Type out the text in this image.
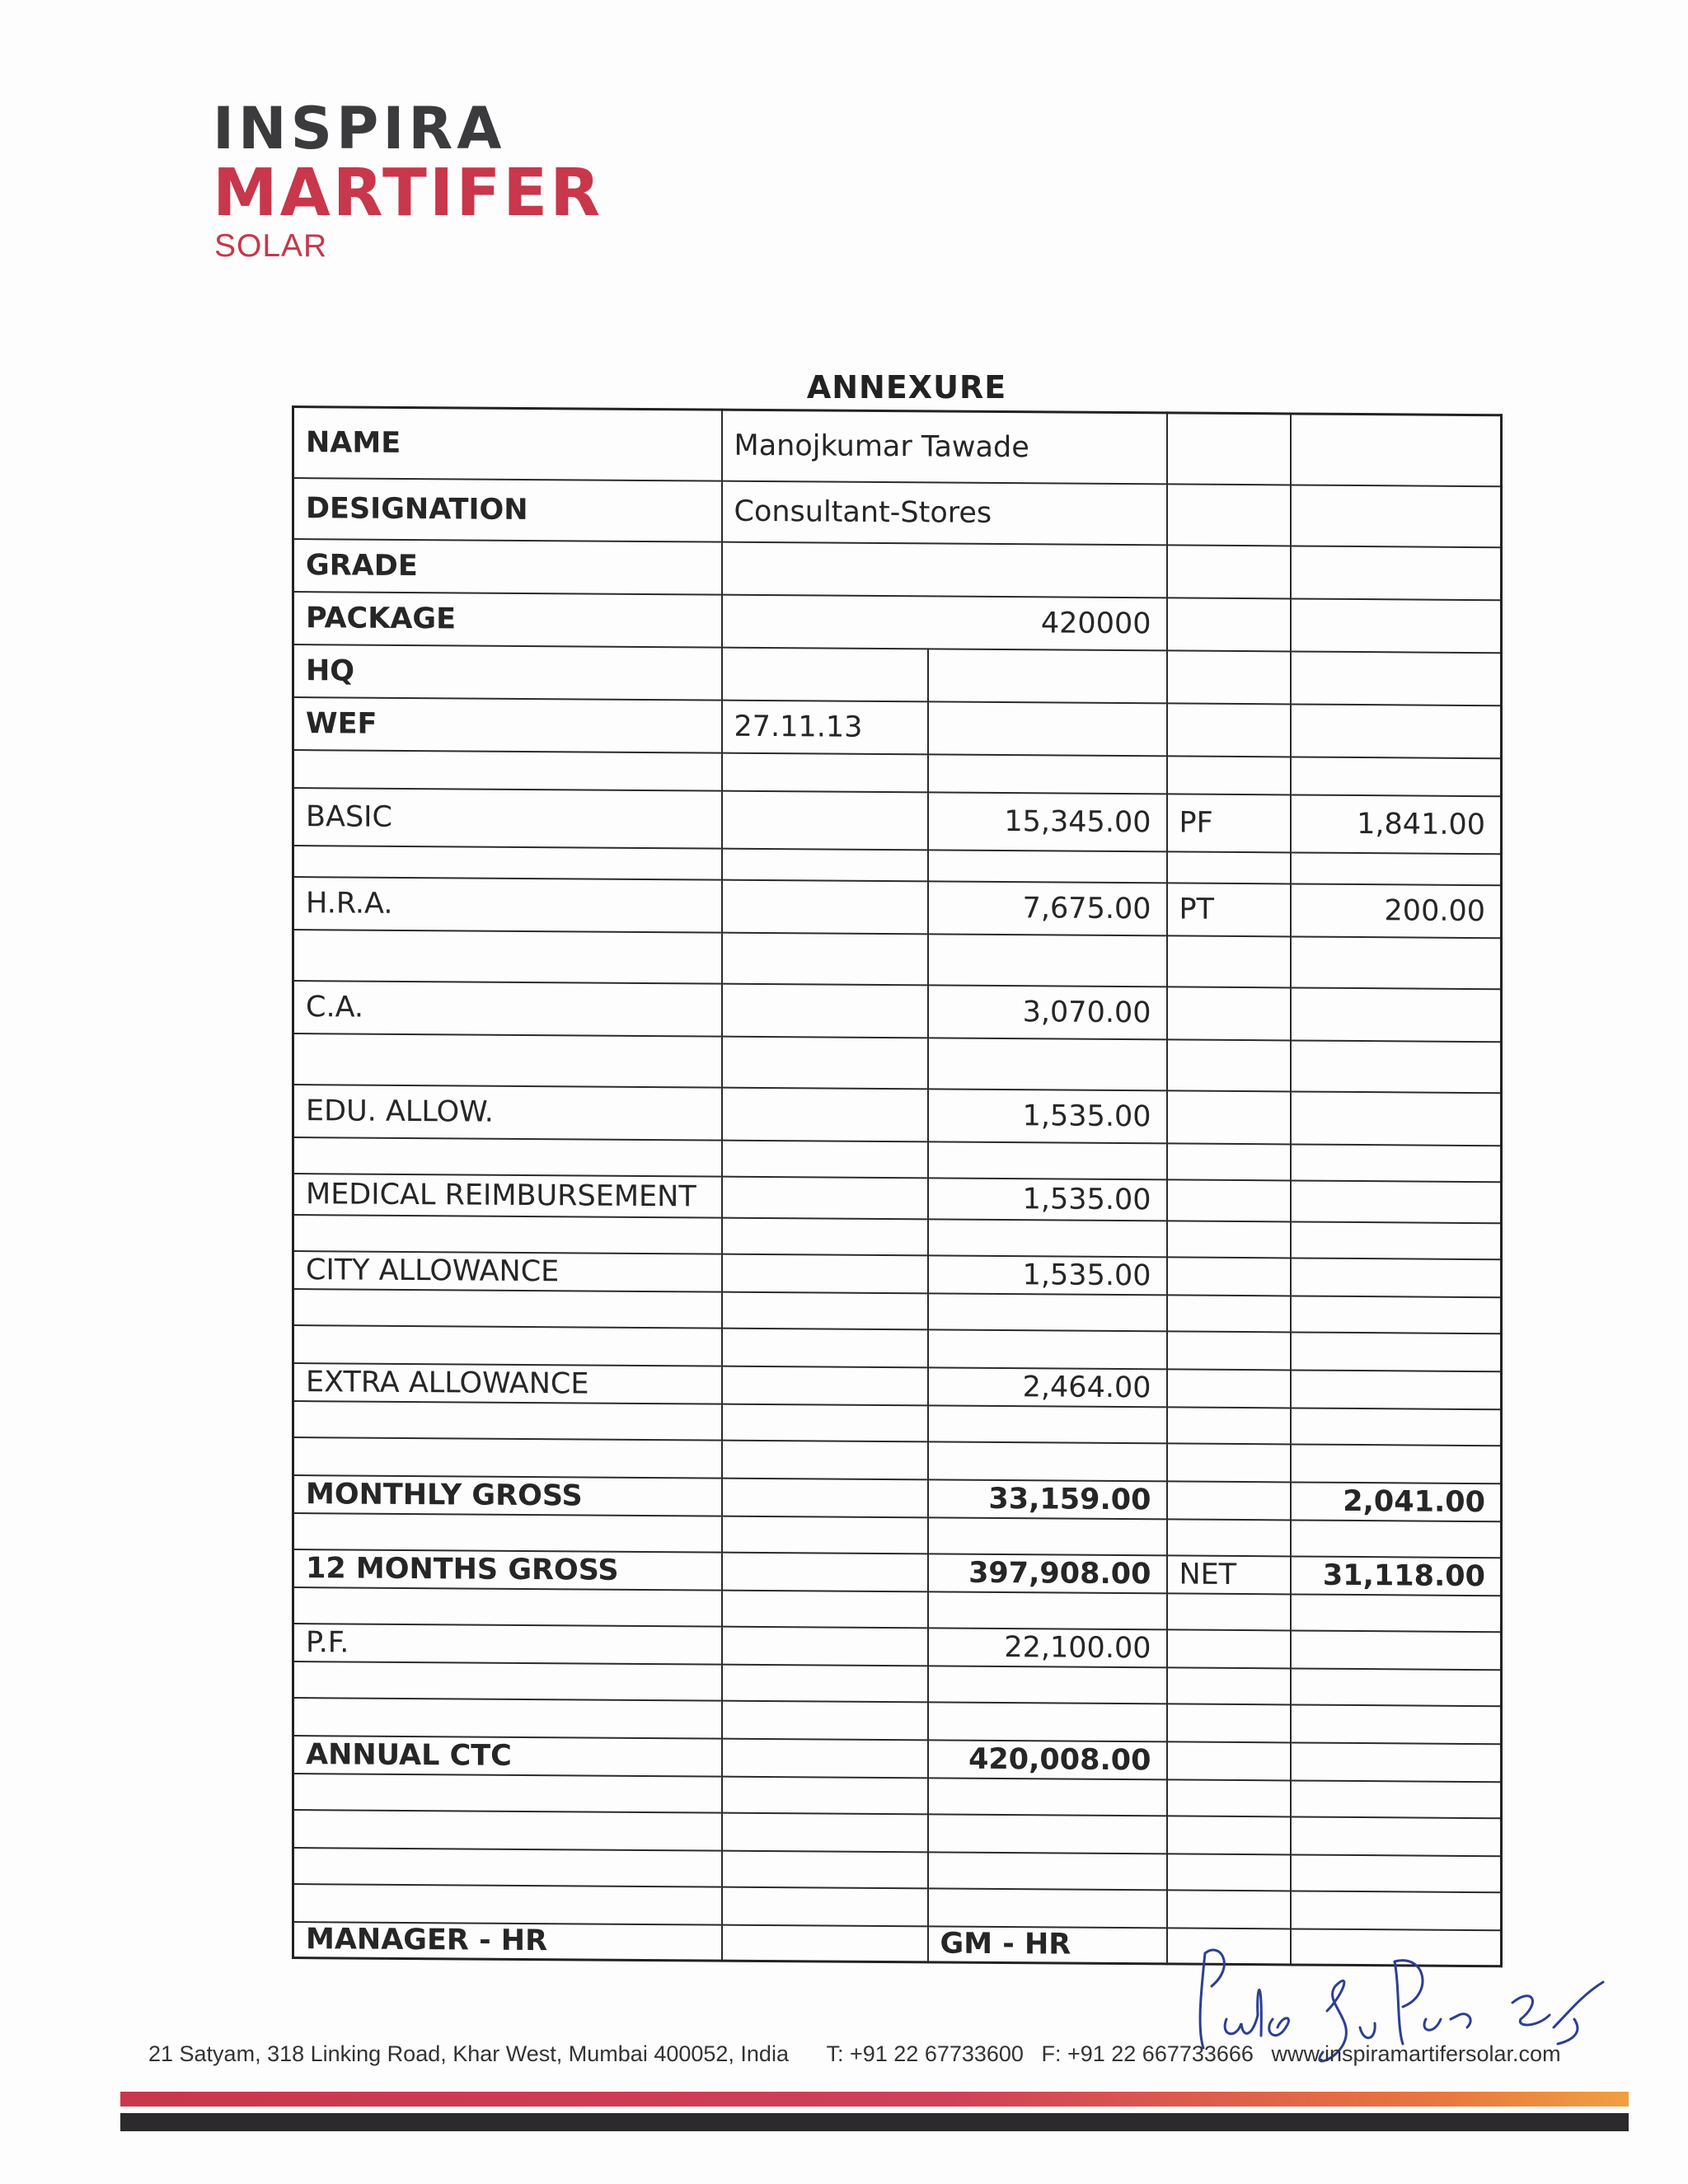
INSPIRA
MARTIFER
SOLAR
ANNEXURE
NAME	Manojkumar Tawade			
DESIGNATION	Consultant-Stores			
GRADE				
PACKAGE	420000			
HQ				
WEF	27.11.13			

BASIC		15,345.00	PF	1,841.00

H.R.A.		7,675.00	PT	200.00

C.A.		3,070.00		

EDU. ALLOW.		1,535.00		

MEDICAL REIMBURSEMENT		1,535.00		

CITY ALLOWANCE		1,535.00		

EXTRA ALLOWANCE		2,464.00		

MONTHLY GROSS		33,159.00		2,041.00

12 MONTHS GROSS		397,908.00	NET	31,118.00

P.F.		22,100.00		

ANNUAL CTC		420,008.00		

MANAGER - HR		GM - HR		
21 Satyam, 318 Linking Road, Khar West, Mumbai 400052, India T: +91 22 67733600 F: +91 22 667733666 www.inspiramartifersolar.com
